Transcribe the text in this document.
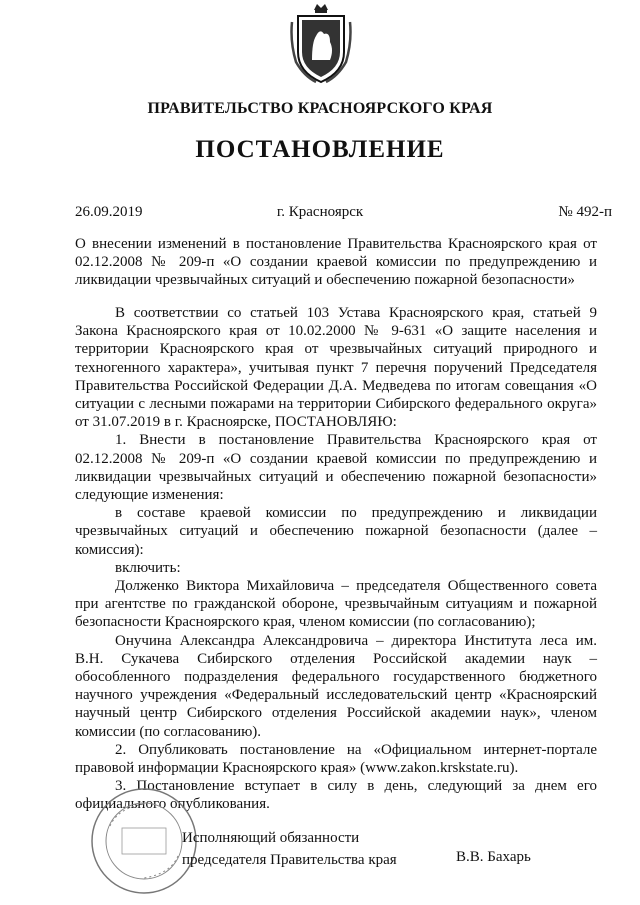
ПРАВИТЕЛЬСТВО КРАСНОЯРСКОГО КРАЯ
ПОСТАНОВЛЕНИЕ
26.09.2019	г. Красноярск	№ 492-п
О внесении изменений в постановление Правительства Красноярского края от 02.12.2008 № 209-п «О создании краевой комиссии по предупреждению и ликвидации чрезвычайных ситуаций и обеспечению пожарной безопасности»

В соответствии со статьей 103 Устава Красноярского края, статьей 9 Закона Красноярского края от 10.02.2000 № 9-631 «О защите населения и территории Красноярского края от чрезвычайных ситуаций природного и техногенного характера», учитывая пункт 7 перечня поручений Председателя Правительства Российской Федерации Д.А. Медведева по итогам совещания «О ситуации с лесными пожарами на территории Сибирского федерального округа» от 31.07.2019 в г. Красноярске, ПОСТАНОВЛЯЮ:

1. Внести в постановление Правительства Красноярского края от 02.12.2008 № 209-п «О создании краевой комиссии по предупреждению и ликвидации чрезвычайных ситуаций и обеспечению пожарной безопасности» следующие изменения:

в составе краевой комиссии по предупреждению и ликвидации чрезвычайных ситуаций и обеспечению пожарной безопасности (далее – комиссия):

включить:

Долженко Виктора Михайловича – председателя Общественного совета при агентстве по гражданской обороне, чрезвычайным ситуациям и пожарной безопасности Красноярского края, членом комиссии (по согласованию);

Онучина Александра Александровича – директора Института леса им. В.Н. Сукачева Сибирского отделения Российской академии наук – обособленного подразделения федерального государственного бюджетного научного учреждения «Федеральный исследовательский центр «Красноярский научный центр Сибирского отделения Российской академии наук», членом комиссии (по согласованию).

2. Опубликовать постановление на «Официальном интернет-портале правовой информации Красноярского края» (www.zakon.krskstate.ru).

3. Постановление вступает в силу в день, следующий за днем его официального опубликования.

Исполняющий обязанности
председателя Правительства края	В.В. Бахарь
